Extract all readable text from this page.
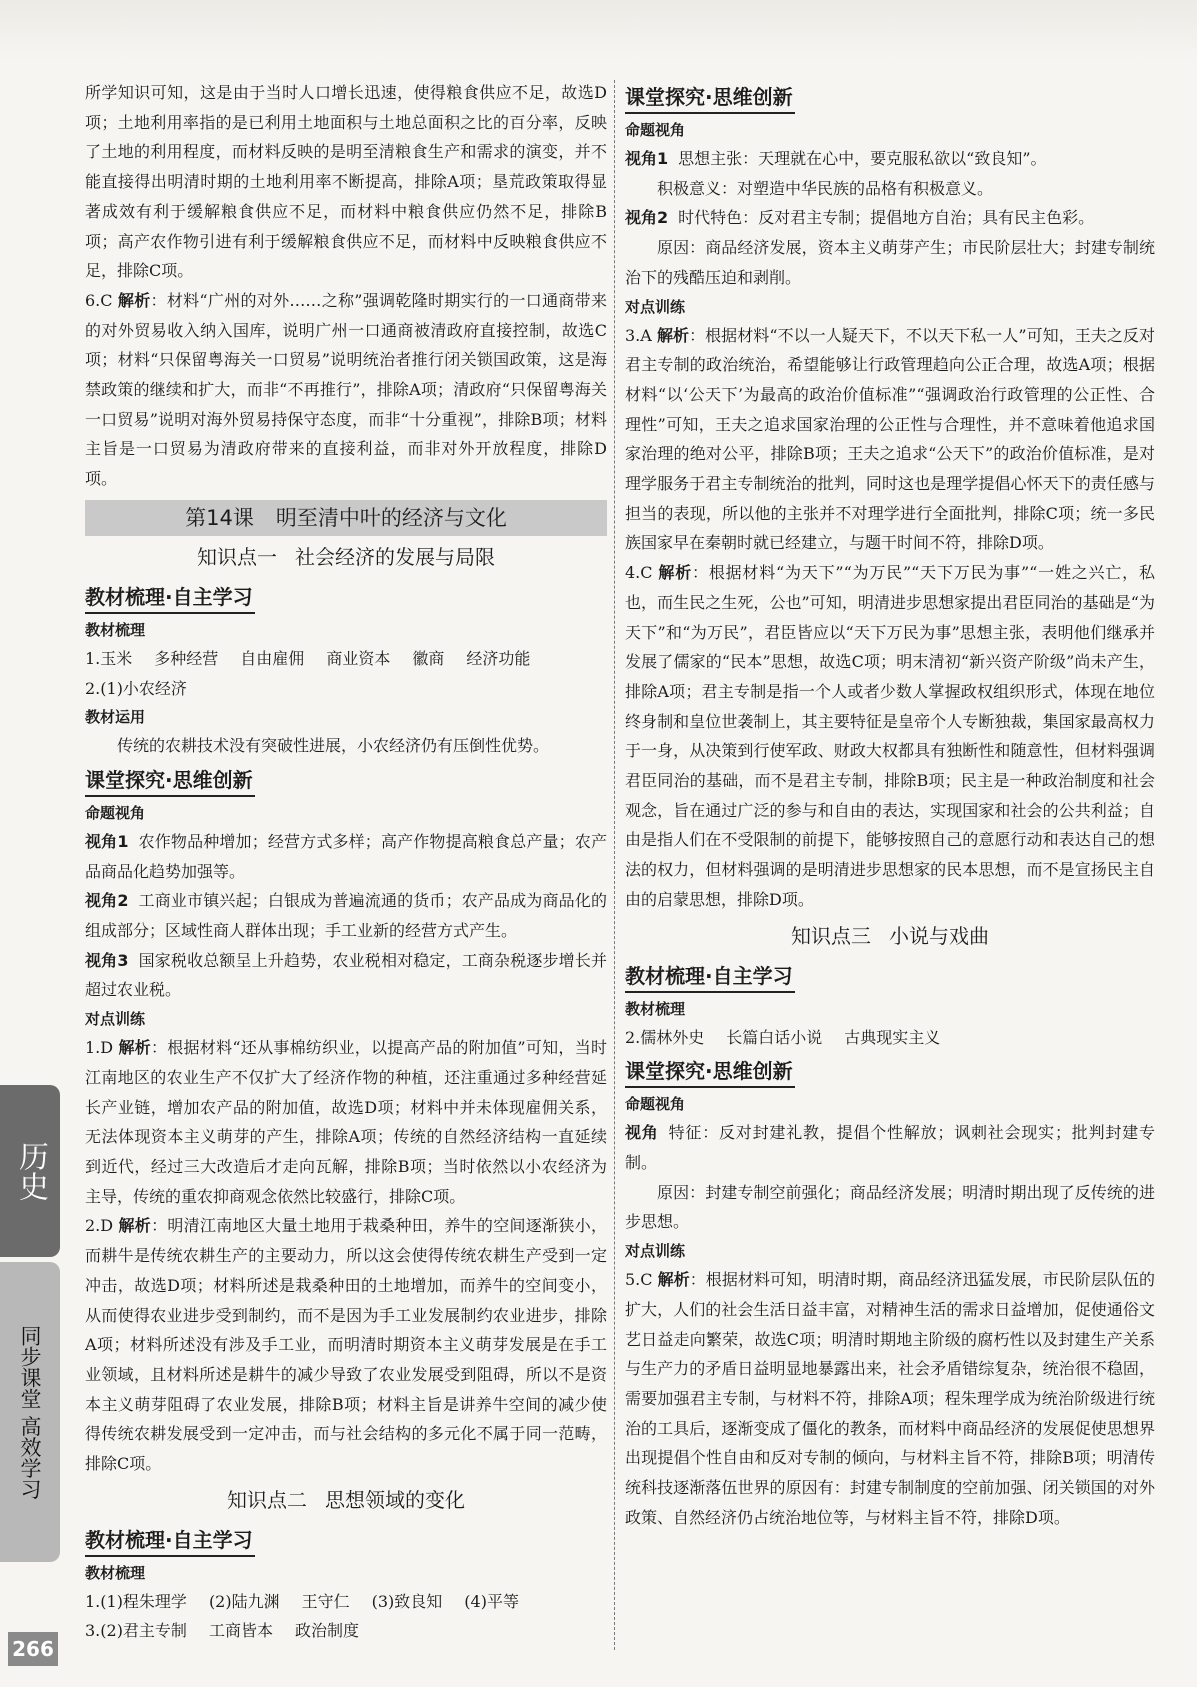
所学知识可知，这是由于当时人口增长迅速，使得粮食供应不足，故选D项；土地利用率指的是已利用土地面积与土地总面积之比的百分率，反映了土地的利用程度，而材料反映的是明至清粮食生产和需求的演变，并不能直接得出明清时期的土地利用率不断提高，排除A项；垦荒政策取得显著成效有利于缓解粮食供应不足，而材料中粮食供应仍然不足，排除B项；高产农作物引进有利于缓解粮食供应不足，而材料中反映粮食供应不足，排除C项。

6.C 解析：材料“广州的对外……之称”强调乾隆时期实行的一口通商带来的对外贸易收入纳入国库，说明广州一口通商被清政府直接控制，故选C项；材料“只保留粤海关一口贸易”说明统治者推行闭关锁国政策，这是海禁政策的继续和扩大，而非“不再推行”，排除A项；清政府“只保留粤海关一口贸易”说明对海外贸易持保守态度，而非“十分重视”，排除B项；材料主旨是一口贸易为清政府带来的直接利益，而非对外开放程度，排除D项。

第14课 明至清中叶的经济与文化
知识点一 社会经济的发展与局限
教材梳理·自主学习
教材梳理

1.玉米 多种经营 自由雇佣 商业资本 徽商 经济功能

2.(1)小农经济

教材运用

传统的农耕技术没有突破性进展，小农经济仍有压倒性优势。

课堂探究·思维创新
命题视角

视角1 农作物品种增加；经营方式多样；高产作物提高粮食总产量；农产品商品化趋势加强等。

视角2 工商业市镇兴起；白银成为普遍流通的货币；农产品成为商品化的组成部分；区域性商人群体出现；手工业新的经营方式产生。

视角3 国家税收总额呈上升趋势，农业税相对稳定，工商杂税逐步增长并超过农业税。

对点训练

1.D 解析：根据材料“还从事棉纺织业，以提高产品的附加值”可知，当时江南地区的农业生产不仅扩大了经济作物的种植，还注重通过多种经营延长产业链，增加农产品的附加值，故选D项；材料中并未体现雇佣关系，无法体现资本主义萌芽的产生，排除A项；传统的自然经济结构一直延续到近代，经过三大改造后才走向瓦解，排除B项；当时依然以小农经济为主导，传统的重农抑商观念依然比较盛行，排除C项。

2.D 解析：明清江南地区大量土地用于栽桑种田，养牛的空间逐渐狭小，而耕牛是传统农耕生产的主要动力，所以这会使得传统农耕生产受到一定冲击，故选D项；材料所述是栽桑种田的土地增加，而养牛的空间变小，从而使得农业进步受到制约，而不是因为手工业发展制约农业进步，排除A项；材料所述没有涉及手工业，而明清时期资本主义萌芽发展是在手工业领域，且材料所述是耕牛的减少导致了农业发展受到阻碍，所以不是资本主义萌芽阻碍了农业发展，排除B项；材料主旨是讲养牛空间的减少使得传统农耕发展受到一定冲击，而与社会结构的多元化不属于同一范畴，排除C项。

知识点二 思想领域的变化
教材梳理·自主学习
教材梳理

1.(1)程朱理学 (2)陆九渊 王守仁 (3)致良知 (4)平等

3.(2)君主专制 工商皆本 政治制度

课堂探究·思维创新
命题视角

视角1 思想主张：天理就在心中，要克服私欲以“致良知”。

积极意义：对塑造中华民族的品格有积极意义。

视角2 时代特色：反对君主专制；提倡地方自治；具有民主色彩。

原因：商品经济发展，资本主义萌芽产生；市民阶层壮大；封建专制统治下的残酷压迫和剥削。

对点训练

3.A 解析：根据材料“不以一人疑天下，不以天下私一人”可知，王夫之反对君主专制的政治统治，希望能够让行政管理趋向公正合理，故选A项；根据材料“以‘公天下’为最高的政治价值标准”“强调政治行政管理的公正性、合理性”可知，王夫之追求国家治理的公正性与合理性，并不意味着他追求国家治理的绝对公平，排除B项；王夫之追求“公天下”的政治价值标准，是对理学服务于君主专制统治的批判，同时这也是理学提倡心怀天下的责任感与担当的表现，所以他的主张并不对理学进行全面批判，排除C项；统一多民族国家早在秦朝时就已经建立，与题干时间不符，排除D项。

4.C 解析：根据材料“为天下”“为万民”“天下万民为事”“一姓之兴亡，私也，而生民之生死，公也”可知，明清进步思想家提出君臣同治的基础是“为天下”和“为万民”，君臣皆应以“天下万民为事”思想主张，表明他们继承并发展了儒家的“民本”思想，故选C项；明末清初“新兴资产阶级”尚未产生，排除A项；君主专制是指一个人或者少数人掌握政权组织形式，体现在地位终身制和皇位世袭制上，其主要特征是皇帝个人专断独裁，集国家最高权力于一身，从决策到行使军政、财政大权都具有独断性和随意性，但材料强调君臣同治的基础，而不是君主专制，排除B项；民主是一种政治制度和社会观念，旨在通过广泛的参与和自由的表达，实现国家和社会的公共利益；自由是指人们在不受限制的前提下，能够按照自己的意愿行动和表达自己的想法的权力，但材料强调的是明清进步思想家的民本思想，而不是宣扬民主自由的启蒙思想，排除D项。

知识点三 小说与戏曲
教材梳理·自主学习
教材梳理

2.儒林外史 长篇白话小说 古典现实主义

课堂探究·思维创新
命题视角

视角 特征：反对封建礼教，提倡个性解放；讽刺社会现实；批判封建专制。

原因：封建专制空前强化；商品经济发展；明清时期出现了反传统的进步思想。

对点训练

5.C 解析：根据材料可知，明清时期，商品经济迅猛发展，市民阶层队伍的扩大，人们的社会生活日益丰富，对精神生活的需求日益增加，促使通俗文艺日益走向繁荣，故选C项；明清时期地主阶级的腐朽性以及封建生产关系与生产力的矛盾日益明显地暴露出来，社会矛盾错综复杂，统治很不稳固，需要加强君主专制，与材料不符，排除A项；程朱理学成为统治阶级进行统治的工具后，逐渐变成了僵化的教条，而材料中商品经济的发展促使思想界出现提倡个性自由和反对专制的倾向，与材料主旨不符，排除B项；明清传统科技逐渐落伍世界的原因有：封建专制制度的空前加强、闭关锁国的对外政策、自然经济仍占统治地位等，与材料主旨不符，排除D项。

历史
同步课堂 高效学习
266
